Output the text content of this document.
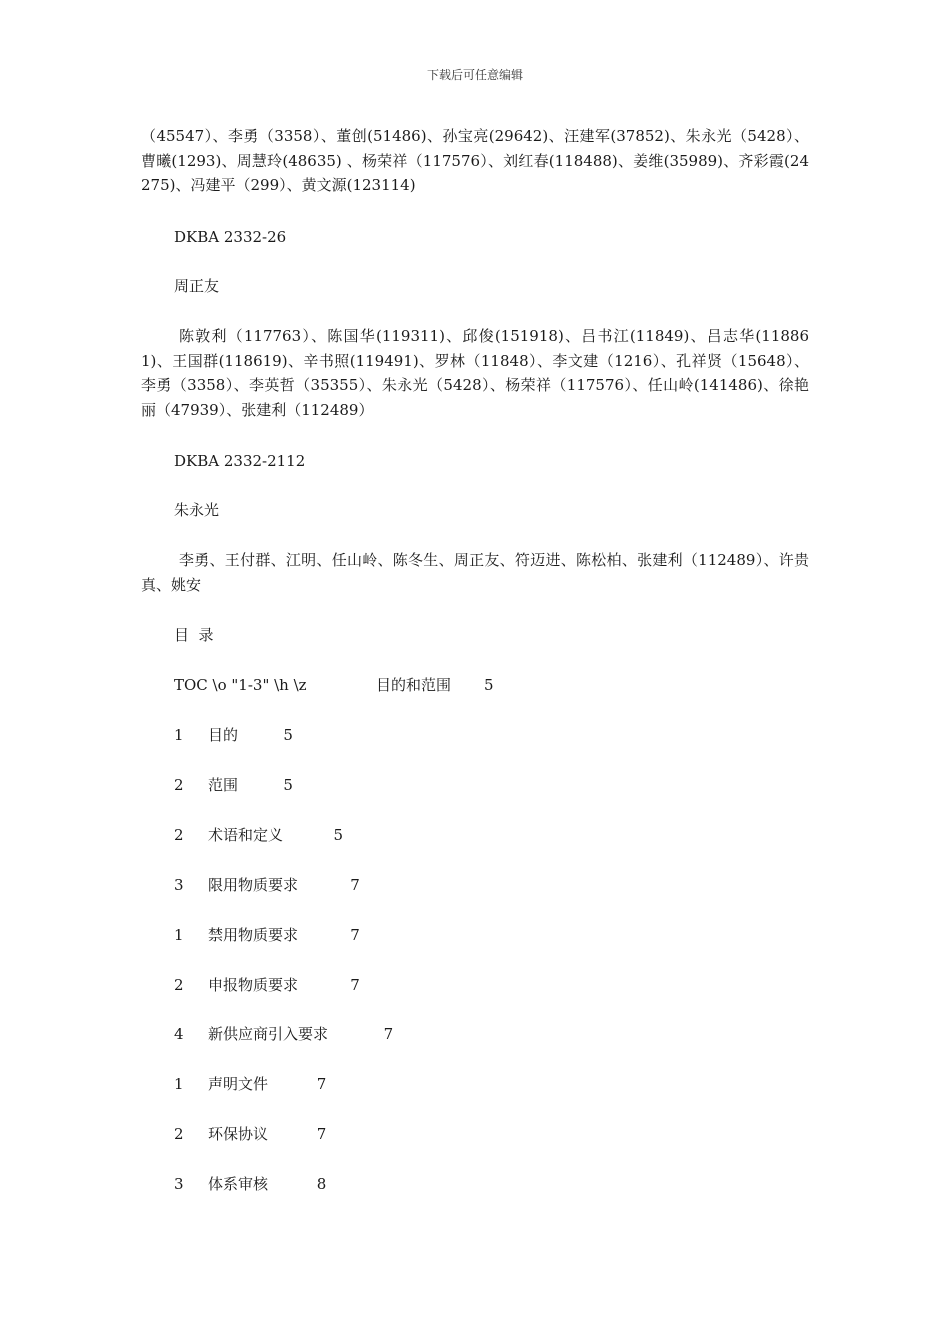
下载后可任意编辑
（45547）、李勇（3358）、董创(51486)、孙宝亮(29642)、汪建军(37852)、朱永光（5428）、曹曦(1293)、周慧玲(48635) 、杨荣祥（117576）、刘红春(118488)、姜维(35989)、齐彩霞(24275)、冯建平（299）、黄文源(123114)
DKBA 2332-26
周正友
陈敦利（117763）、陈国华(119311)、邱俊(151918)、吕书江(11849)、吕志华(118861)、王国群(118619)、辛书照(119491)、罗林（11848）、李文建（1216）、孔祥贤（15648）、李勇（3358）、李英哲（35355）、朱永光（5428）、杨荣祥（117576）、任山岭(141486)、徐艳丽（47939）、张建利（112489）
DKBA 2332-2112
朱永光
李勇、王付群、江明、任山岭、陈冬生、周正友、符迈进、陈松柏、张建利（112489）、许贵真、姚安
目  录
TOC \o "1-3" \h \z	目的和范围 5
1 目的	5
2 范围	5
2 术语和定义	5
3 限用物质要求	7
1 禁用物质要求	7
2 申报物质要求	7
4 新供应商引入要求	7
1 声明文件	7
2 环保协议	7
3 体系审核	8
